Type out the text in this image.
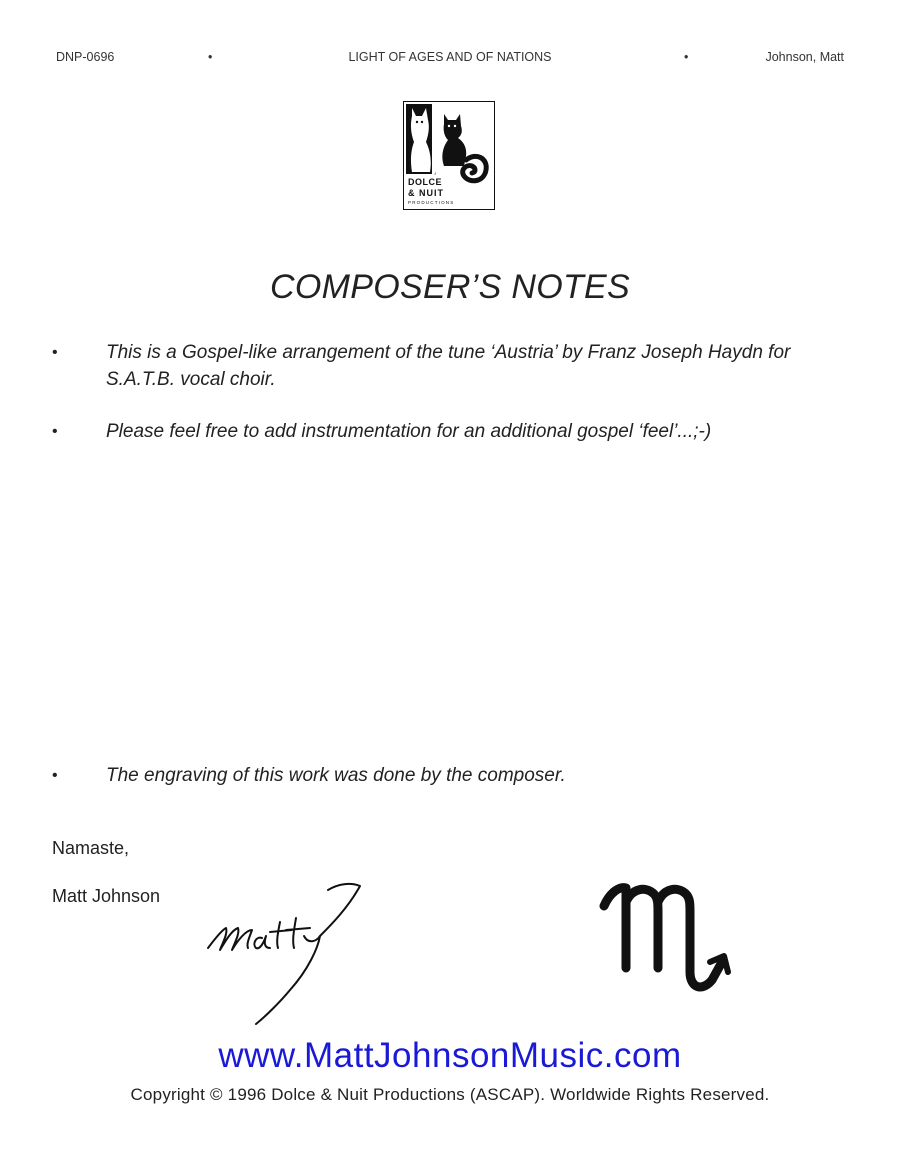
DNP-0696	•	LIGHT OF AGES AND OF NATIONS	•	Johnson, Matt
♪
DOLCE
& NUIT
PRODUCTIONS
COMPOSER’S NOTES
•	This is a Gospel-like arrangement of the tune ‘Austria’ by Franz Joseph Haydn for S.A.T.B. vocal choir.
•	Please feel free to add instrumentation for an additional gospel ‘feel’...;-)
•	The engraving of this work was done by the composer.
Namaste,
Matt Johnson
www.MattJohnsonMusic.com
Copyright © 1996 Dolce & Nuit Productions (ASCAP). Worldwide Rights Reserved.
